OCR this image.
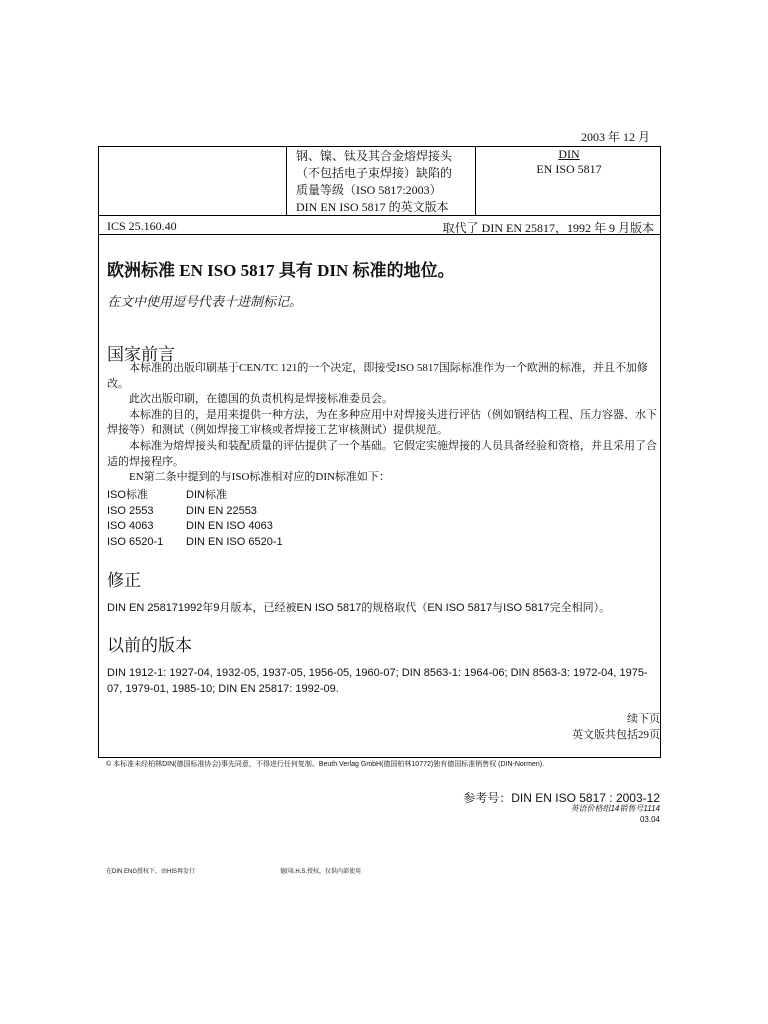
2003 年 12 月
钢、镍、钛及其合金熔焊接头
（不包括电子束焊接）缺陷的
质量等级（ISO 5817:2003）
DIN EN ISO 5817 的英文版本
DIN
EN ISO 5817
ICS 25.160.40	取代了 DIN EN 25817，1992 年 9 月版本
欧洲标准 EN ISO 5817 具有 DIN 标准的地位。
在文中使用逗号代表十进制标记。
国家前言

本标准的出版印刷基于CEN/TC 121的一个决定，即接受ISO 5817国际标准作为一个欧洲的标准，并且不加修改。

此次出版印刷，在德国的负责机构是焊接标准委员会。

本标准的目的，是用来提供一种方法，为在多种应用中对焊接头进行评估（例如钢结构工程、压力容器、水下焊接等）和测试（例如焊接工审核或者焊接工艺审核测试）提供规范。

本标准为熔焊接头和装配质量的评估提供了一个基础。它假定实施焊接的人员具备经验和资格，并且采用了合适的焊接程序。

EN第二条中提到的与ISO标准相对应的DIN标准如下：

ISO标准	DIN标准
ISO 2553	DIN EN 22553
ISO 4063	DIN EN ISO 4063
ISO 6520-1	DIN EN ISO 6520-1
修正
DIN EN 258171992年9月版本，已经被EN ISO 5817的规格取代（EN ISO 5817与ISO 5817完全相同）。
以前的版本
DIN 1912-1: 1927-04, 1932-05, 1937-05, 1956-05, 1960-07; DIN 8563-1: 1964-06; DIN 8563-3: 1972-04, 1975-07, 1979-01, 1985-10; DIN EN 25817: 1992-09.
续下页
英文版共包括29页
© 本标准未经柏林DIN(德国标准协会)事先同意，不得进行任何复制。Beuth Verlag GmbH(德国柏林10772)独有德国标准销售权 (DIN-Normen).
参考号：DIN EN ISO 5817 : 2003-12
英语价格组14销售号1114
03.04
在DIN ENG授权下，由HIS再发行	德国I.H.S.授权，仅供内部使用
